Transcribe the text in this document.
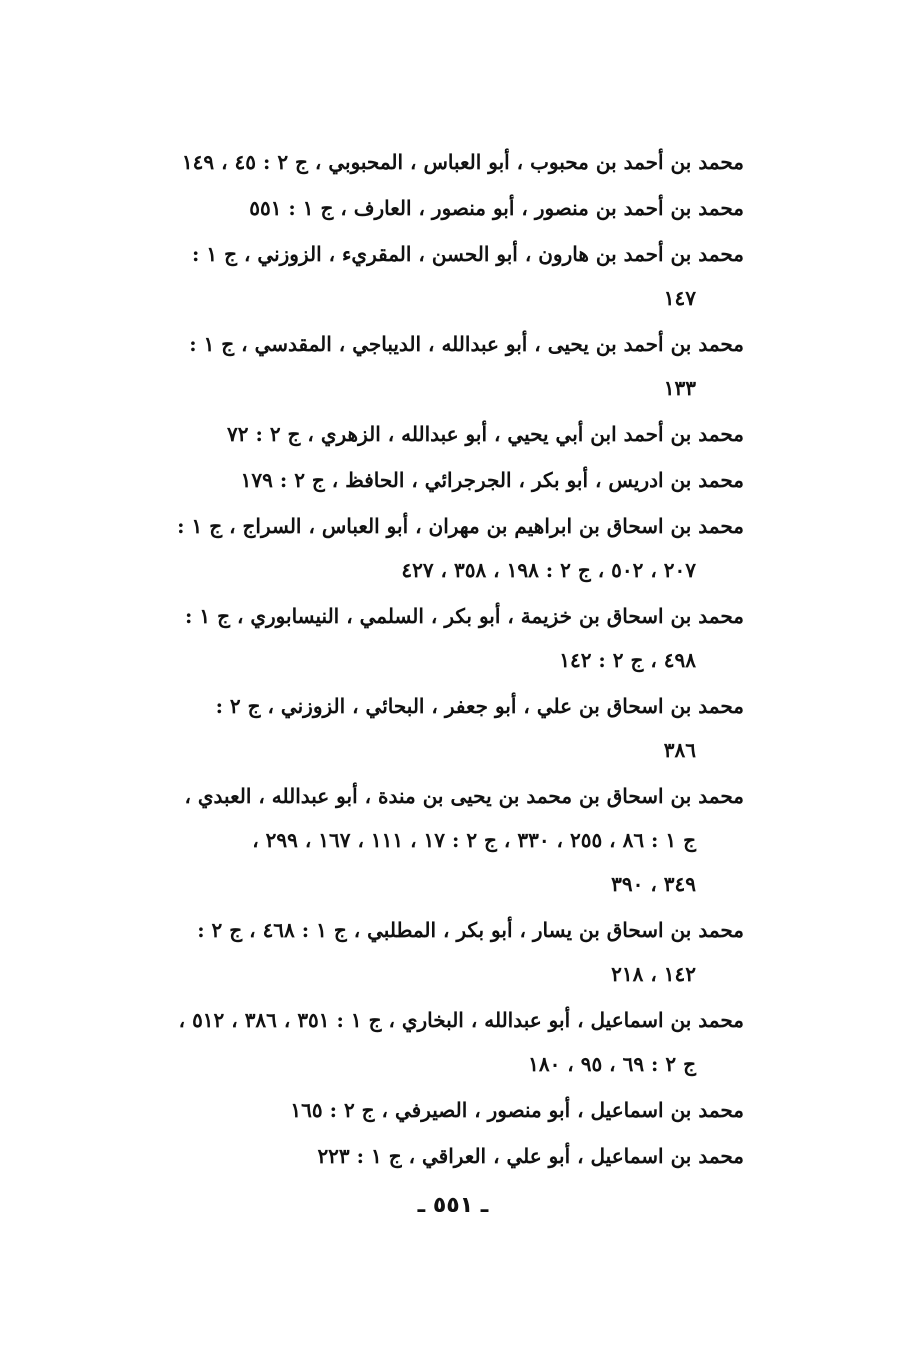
محمد بن أحمد بن محبوب ، أبو العباس ، المحبوبي ، ج ٢ : ٤٥ ، ١٤٩

محمد بن أحمد بن منصور ، أبو منصور ، العارف ، ج ١ : ٥٥١

محمد بن أحمد بن هارون ، أبو الحسن ، المقريء ، الزوزني ، ج ١ :
١٤٧

محمد بن أحمد بن يحيى ، أبو عبدالله ، الديباجي ، المقدسي ، ج ١ :
١٣٣

محمد بن أحمد ابن أبي يحيي ، أبو عبدالله ، الزهري ، ج ٢ : ٧٢

محمد بن ادريس ، أبو بكر ، الجرجرائي ، الحافظ ، ج ٢ : ١٧٩

محمد بن اسحاق بن ابراهيم بن مهران ، أبو العباس ، السراج ، ج ١ :
٢٠٧ ، ٥٠٢ ، ج ٢ : ١٩٨ ، ٣٥٨ ، ٤٢٧

محمد بن اسحاق بن خزيمة ، أبو بكر ، السلمي ، النيسابوري ، ج ١ :
٤٩٨ ، ج ٢ : ١٤٢

محمد بن اسحاق بن علي ، أبو جعفر ، البحائي ، الزوزني ، ج ٢ :
٣٨٦

محمد بن اسحاق بن محمد بن يحيى بن مندة ، أبو عبدالله ، العبدي ،
ج ١ : ٨٦ ، ٢٥٥ ، ٣٣٠ ، ج ٢ : ١٧ ، ١١١ ، ١٦٧ ، ٢٩٩ ،
٣٤٩ ، ٣٩٠

محمد بن اسحاق بن يسار ، أبو بكر ، المطلبي ، ج ١ : ٤٦٨ ، ج ٢ :
١٤٢ ، ٢١٨

محمد بن اسماعيل ، أبو عبدالله ، البخاري ، ج ١ : ٣٥١ ، ٣٨٦ ، ٥١٢ ،
ج ٢ : ٦٩ ، ٩٥ ، ١٨٠

محمد بن اسماعيل ، أبو منصور ، الصيرفي ، ج ٢ : ١٦٥

محمد بن اسماعيل ، أبو علي ، العراقي ، ج ١ : ٢٢٣

ـ ٥٥١ ـ
